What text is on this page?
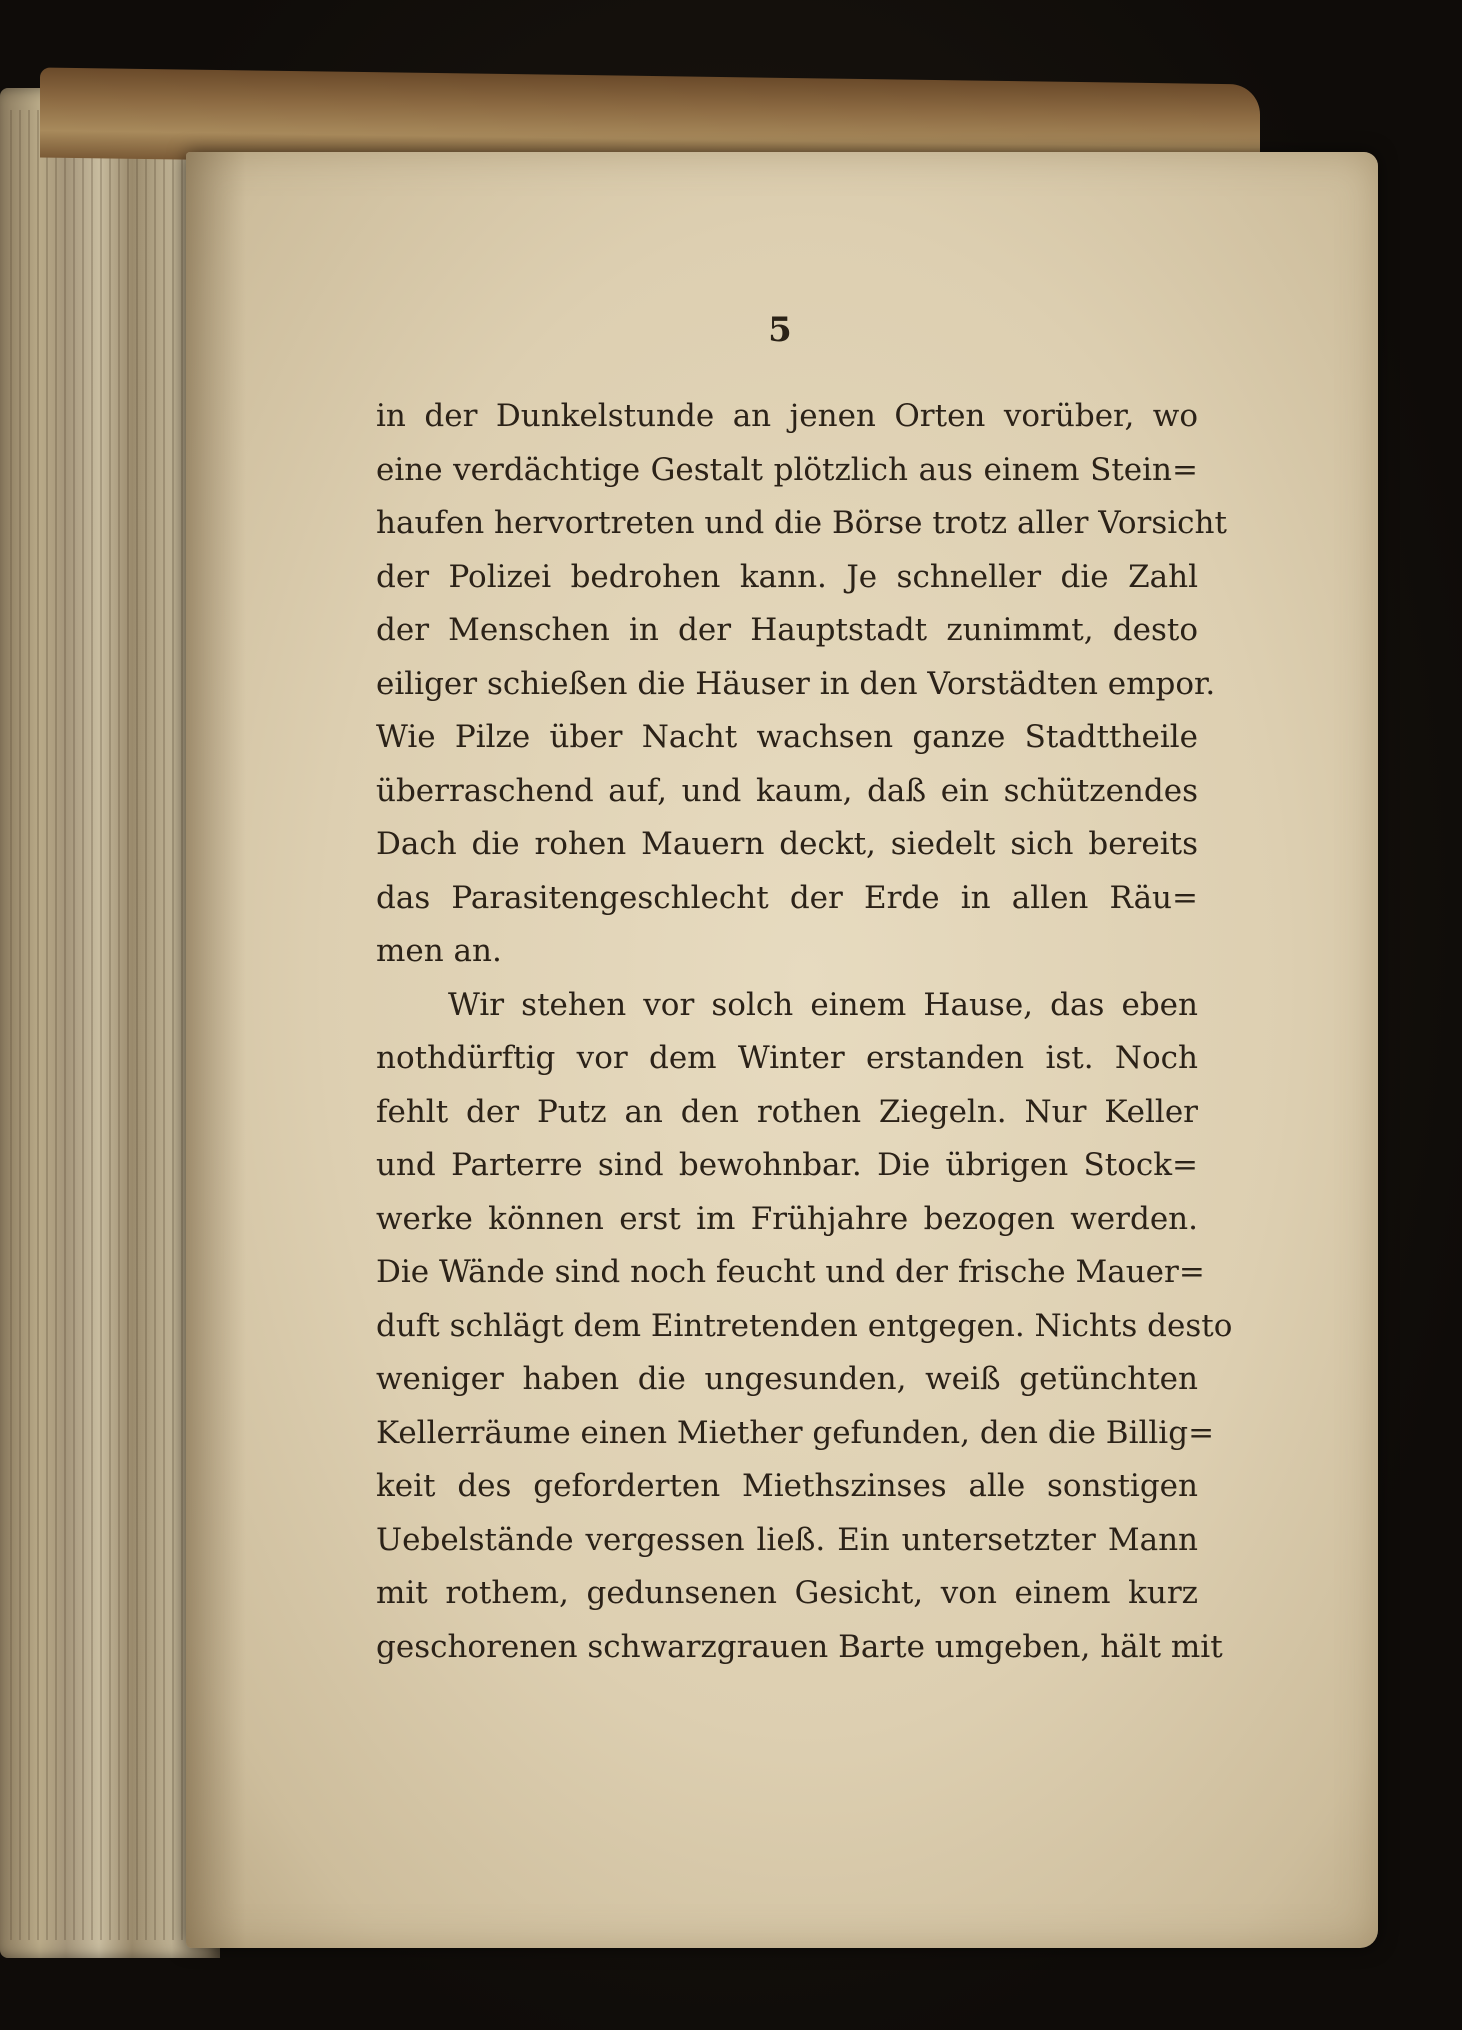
5
in der Dunkelstunde an jenen Orten vorüber, wo
eine verdächtige Gestalt plötzlich aus einem Stein=
haufen hervortreten und die Börse trotz aller Vorsicht
der Polizei bedrohen kann. Je schneller die Zahl
der Menschen in der Hauptstadt zunimmt, desto
eiliger schießen die Häuser in den Vorstädten empor.
Wie Pilze über Nacht wachsen ganze Stadttheile
überraschend auf, und kaum, daß ein schützendes
Dach die rohen Mauern deckt, siedelt sich bereits
das Parasitengeschlecht der Erde in allen Räu=
men an.
Wir stehen vor solch einem Hause, das eben
nothdürftig vor dem Winter erstanden ist. Noch
fehlt der Putz an den rothen Ziegeln. Nur Keller
und Parterre sind bewohnbar. Die übrigen Stock=
werke können erst im Frühjahre bezogen werden.
Die Wände sind noch feucht und der frische Mauer=
duft schlägt dem Eintretenden entgegen. Nichts desto
weniger haben die ungesunden, weiß getünchten
Kellerräume einen Miether gefunden, den die Billig=
keit des geforderten Miethszinses alle sonstigen
Uebelstände vergessen ließ. Ein untersetzter Mann
mit rothem, gedunsenen Gesicht, von einem kurz
geschorenen schwarzgrauen Barte umgeben, hält mit
